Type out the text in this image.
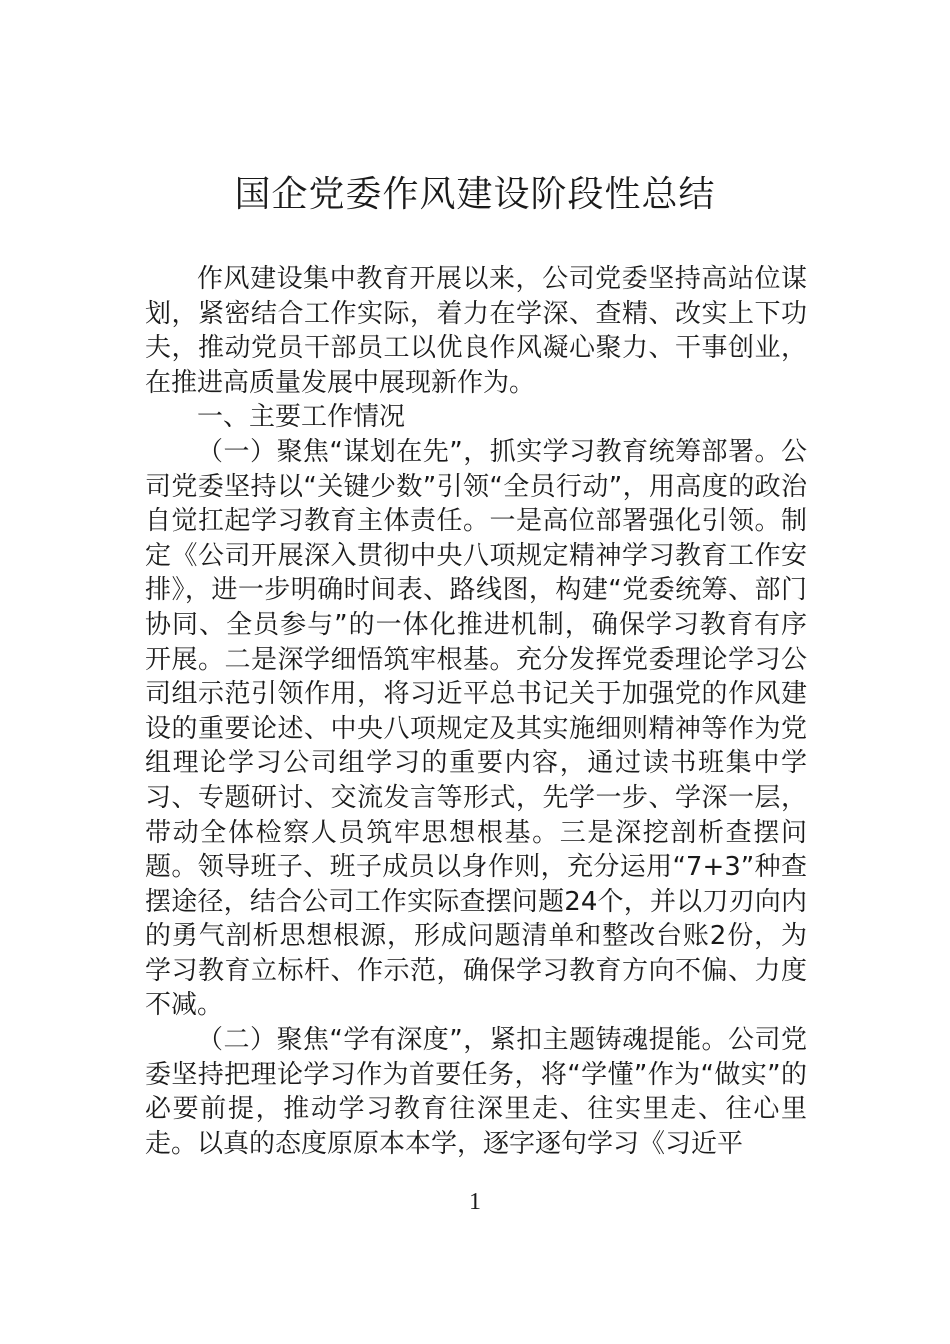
国企党委作风建设阶段性总结

作风建设集中教育开展以来，公司党委坚持高站位谋划，紧密结合工作实际，着力在学深、查精、改实上下功夫，推动党员干部员工以优良作风凝心聚力、干事创业，在推进高质量发展中展现新作为。

一、主要工作情况

（一）聚焦“谋划在先”，抓实学习教育统筹部署。公司党委坚持以“关键少数”引领“全员行动”，用高度的政治自觉扛起学习教育主体责任。一是高位部署强化引领。制定《公司开展深入贯彻中央八项规定精神学习教育工作安排》，进一步明确时间表、路线图，构建“党委统筹、部门协同、全员参与”的一体化推进机制，确保学习教育有序开展。二是深学细悟筑牢根基。充分发挥党委理论学习公司组示范引领作用，将习近平总书记关于加强党的作风建设的重要论述、中央八项规定及其实施细则精神等作为党组理论学习公司组学习的重要内容，通过读书班集中学习、专题研讨、交流发言等形式，先学一步、学深一层，带动全体检察人员筑牢思想根基。三是深挖剖析查摆问题。领导班子、班子成员以身作则，充分运用“7+3”种查摆途径，结合公司工作实际查摆问题24个，并以刀刃向内的勇气剖析思想根源，形成问题清单和整改台账2份，为学习教育立标杆、作示范，确保学习教育方向不偏、力度不减。

（二）聚焦“学有深度”，紧扣主题铸魂提能。公司党委坚持把理论学习作为首要任务，将“学懂”作为“做实”的必要前提，推动学习教育往深里走、往实里走、往心里走。以真的态度原原本本学，逐字逐句学习《习近平

1
